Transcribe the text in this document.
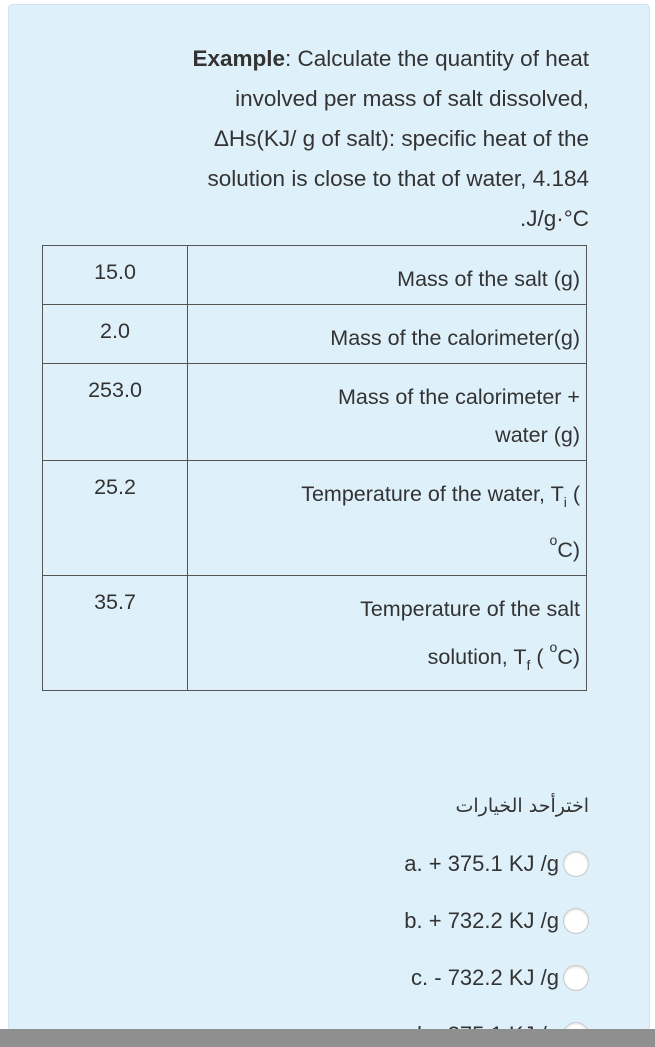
Example: Calculate the quantity of heat
involved per mass of salt dissolved,
ΔHs(KJ/ g of salt): specific heat of the
solution is close to that of water, 4.184
.J/g·°C
15.0	Mass of the salt (g)
2.0	Mass of the calorimeter(g)
253.0	Mass of the calorimeter +
water (g)

25.2	Temperature of the water, $T_i$ (
$^o$C)

35.7	Temperature of the salt
solution, $T_f$ ( $^o$C)
اخترأحد الخيارات
a. + 375.1 KJ /g
b. + 732.2 KJ /g
c. - 732.2 KJ /g
